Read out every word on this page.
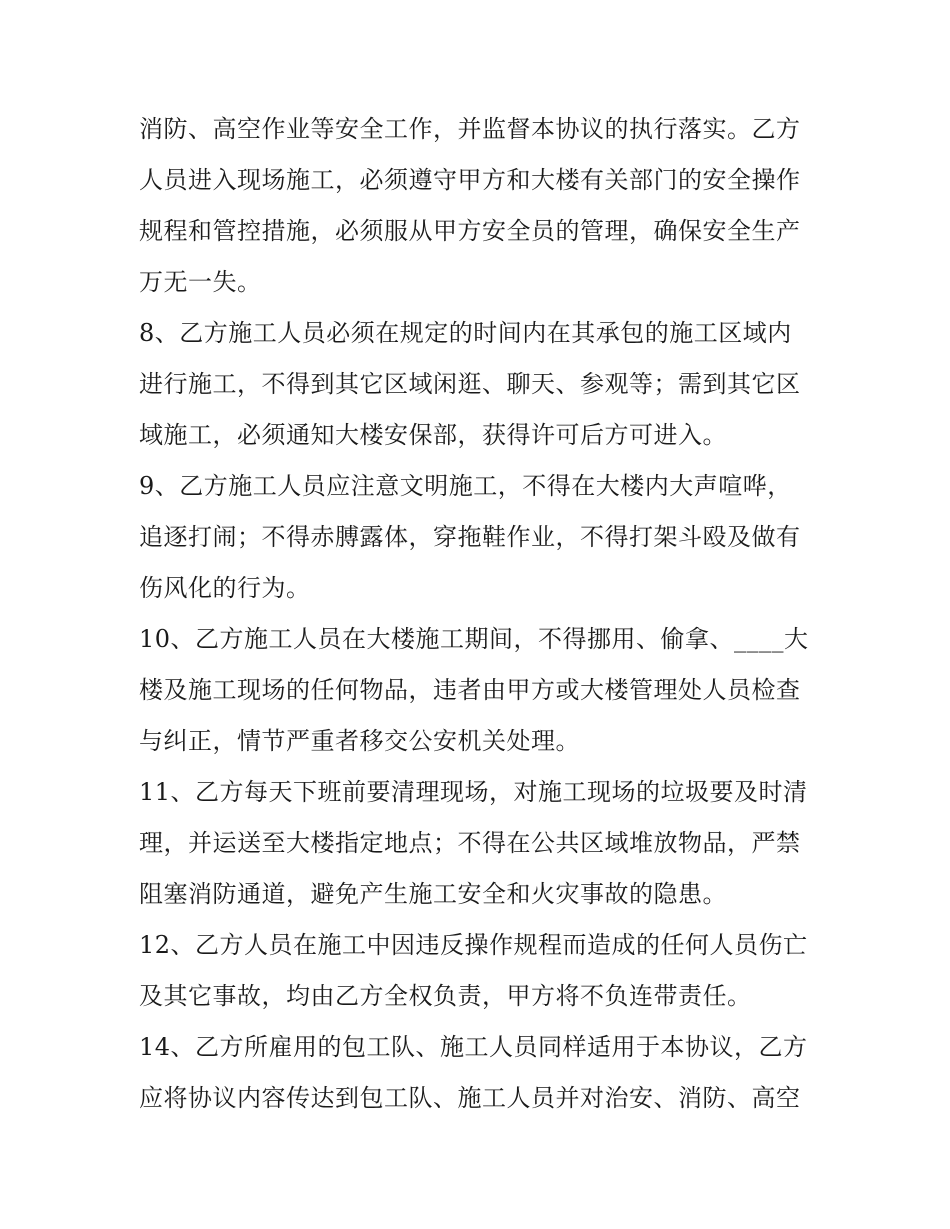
消防、高空作业等安全工作，并监督本协议的执行落实。乙方
人员进入现场施工，必须遵守甲方和大楼有关部门的安全操作
规程和管控措施，必须服从甲方安全员的管理，确保安全生产
万无一失。
8、乙方施工人员必须在规定的时间内在其承包的施工区域内
进行施工，不得到其它区域闲逛、聊天、参观等；需到其它区
域施工，必须通知大楼安保部，获得许可后方可进入。
9、乙方施工人员应注意文明施工，不得在大楼内大声喧哗，
追逐打闹；不得赤膊露体，穿拖鞋作业，不得打架斗殴及做有
伤风化的行为。
10、乙方施工人员在大楼施工期间，不得挪用、偷拿、____大
楼及施工现场的任何物品，违者由甲方或大楼管理处人员检查
与纠正，情节严重者移交公安机关处理。
11、乙方每天下班前要清理现场，对施工现场的垃圾要及时清
理，并运送至大楼指定地点；不得在公共区域堆放物品，严禁
阻塞消防通道，避免产生施工安全和火灾事故的隐患。
12、乙方人员在施工中因违反操作规程而造成的任何人员伤亡
及其它事故，均由乙方全权负责，甲方将不负连带责任。
14、乙方所雇用的包工队、施工人员同样适用于本协议，乙方
应将协议内容传达到包工队、施工人员并对治安、消防、高空
